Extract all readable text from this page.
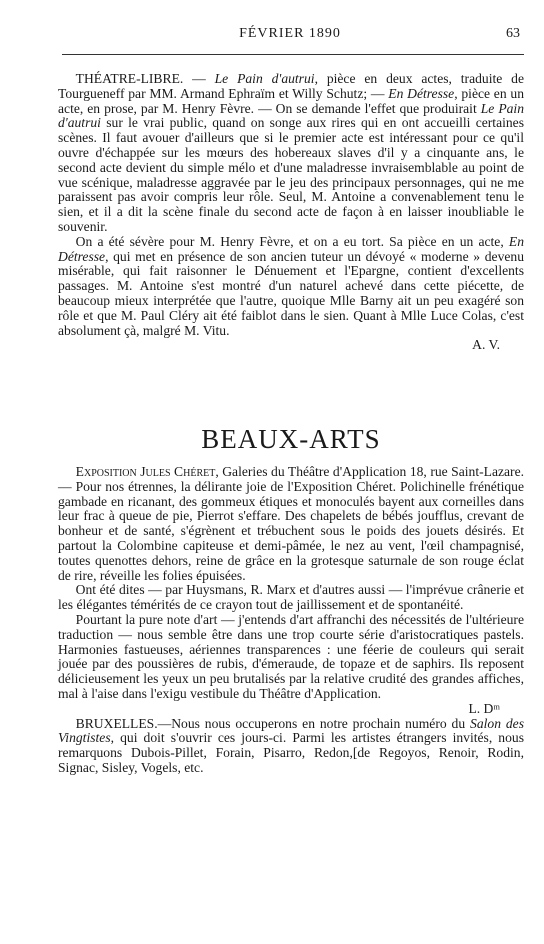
FÉVRIER 1890	63

THÉATRE-LIBRE. — Le Pain d'autrui, pièce en deux actes, traduite de Tourgueneff par MM. Armand Ephraïm et Willy Schutz; — En Détresse, pièce en un acte, en prose, par M. Henry Fèvre. — On se demande l'effet que produirait Le Pain d'autrui sur le vrai public, quand on songe aux rires qui en ont accueilli certaines scènes. Il faut avouer d'ailleurs que si le premier acte est intéressant pour ce qu'il ouvre d'échappée sur les mœurs des hobereaux slaves d'il y a cinquante ans, le second acte devient du simple mélo et d'une maladresse invraisemblable au point de vue scénique, maladresse aggravée par le jeu des principaux personnages, qui ne me paraissent pas avoir compris leur rôle. Seul, M. Antoine a convenablement tenu le sien, et il a dit la scène finale du second acte de façon à en laisser inoubliable le souvenir.

On a été sévère pour M. Henry Fèvre, et on a eu tort. Sa pièce en un acte, En Détresse, qui met en présence de son ancien tuteur un dévoyé « moderne » devenu misérable, qui fait raisonner le Dénuement et l'Epargne, contient d'excellents passages. M. Antoine s'est montré d'un naturel achevé dans cette piécette, de beaucoup mieux interprétée que l'autre, quoique Mlle Barny ait un peu exagéré son rôle et que M. Paul Cléry ait été faiblot dans le sien. Quant à Mlle Luce Colas, c'est absolument çà, malgré M. Vitu.

A. V.
BEAUX-ARTS

Exposition Jules Chéret, Galeries du Théâtre d'Application 18, rue Saint-Lazare.— Pour nos étrennes, la délirante joie de l'Exposition Chéret. Polichinelle frénétique gambade en ricanant, des gommeux étiques et monoculés bayent aux corneilles dans leur frac à queue de pie, Pierrot s'effare. Des chapelets de bébés joufflus, crevant de bonheur et de santé, s'égrènent et trébuchent sous le poids des jouets désirés. Et partout la Colombine capiteuse et demi-pâmée, le nez au vent, l'œil champagnisé, toutes quenottes dehors, reine de grâce en la grotesque saturnale de son rouge éclat de rire, réveille les folies épuisées.

Ont été dites — par Huysmans, R. Marx et d'autres aussi — l'imprévue crânerie et les élégantes témérités de ce crayon tout de jaillissement et de spontanéité.

Pourtant la pure note d'art — j'entends d'art affranchi des nécessités de l'ultérieure traduction — nous semble être dans une trop courte série d'aristocratiques pastels. Harmonies fastueuses, aériennes transparences : une féerie de couleurs qui serait jouée par des poussières de rubis, d'émeraude, de topaze et de saphirs. Ils reposent délicieusement les yeux un peu brutalisés par la relative crudité des grandes affiches, mal à l'aise dans l'exigu vestibule du Théâtre d'Application.

L. Dᵐ

BRUXELLES.—Nous nous occuperons en notre prochain numéro du Salon des Vingtistes, qui doit s'ouvrir ces jours-ci. Parmi les artistes étrangers invités, nous remarquons Dubois-Pillet, Forain, Pisarro, Redon,[de Regoyos, Renoir, Rodin, Signac, Sisley, Vogels, etc.
